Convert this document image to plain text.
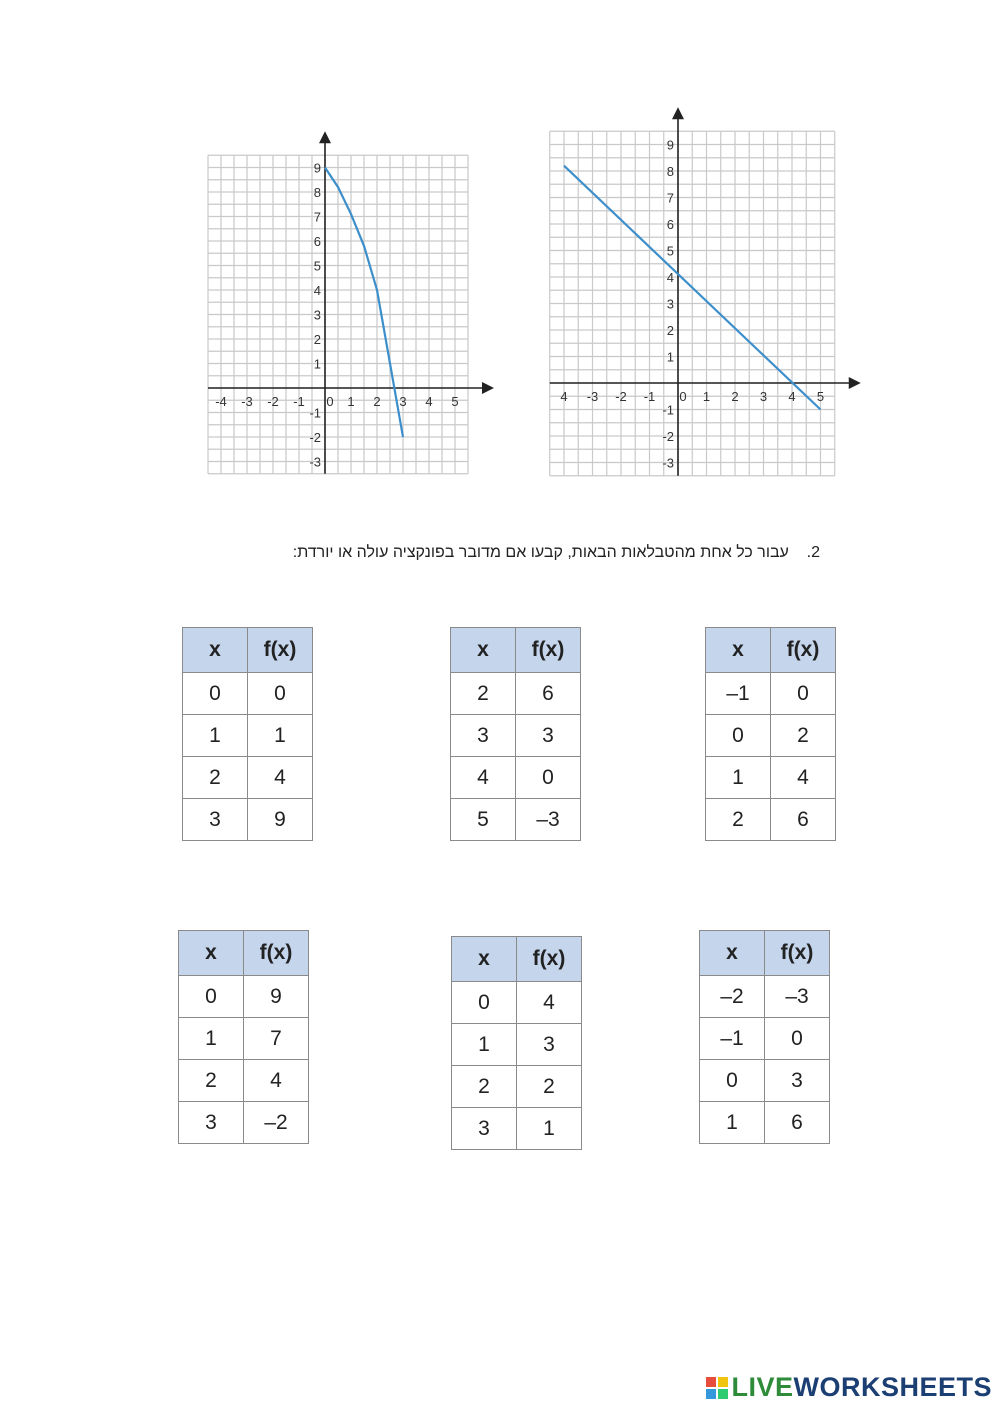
-4 -3 -2 -1 0 1 2 3 4 5
9
8
7
6
5
4
3
2
1
-1
-2
-3
4 -3 -2 -1 0 1 2 3 4 5
9
8
7
6
5
4
3
2
1
-1
-2
-3
2.    עבור כל אחת מהטבלאות הבאות, קבעו אם מדובר בפונקציה עולה או יורדת:
x	f(x)
0	0
1	1
2	4
3	9
x	f(x)
2	6
3	3
4	0
5	–3
x	f(x)
–1	0
0	2
1	4
2	6
x	f(x)
0	9
1	7
2	4
3	–2
x	f(x)
0	4
1	3
2	2
3	1
x	f(x)
–2	–3
–1	0
0	3
1	6
LIVE WORKSHEETS
